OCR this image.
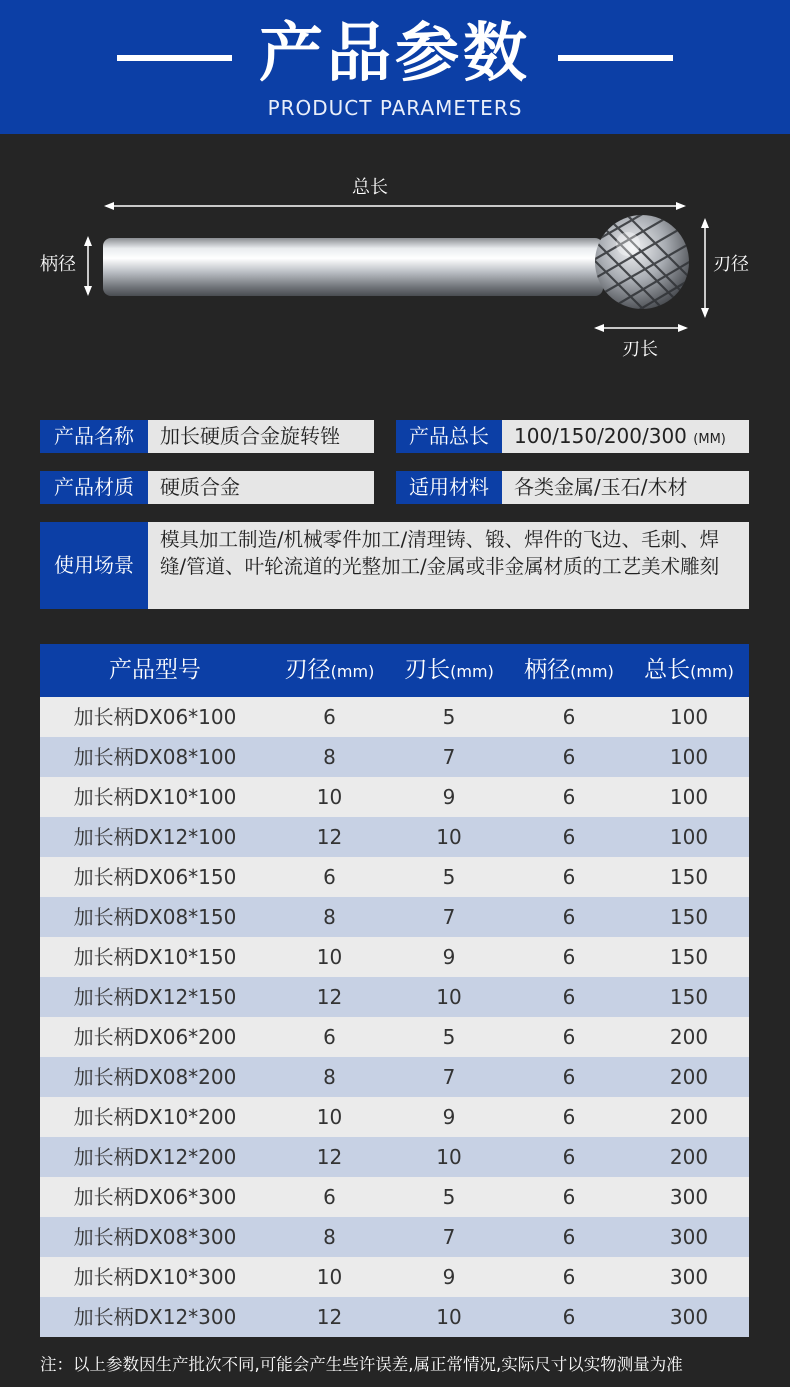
产品参数
PRODUCT PARAMETERS
总长
柄径	刃径
刃长
产品名称	加长硬质合金旋转锉	产品总长	100/150/200/300 (MM)
产品材质	硬质合金	适用材料	各类金属/玉石/木材
使用场景
模具加工制造/机械零件加工/清理铸、锻、焊件的飞边、毛刺、焊缝/管道、叶轮流道的光整加工/金属或非金属材质的工艺美术雕刻
产品型号	刃径(mm)	刃长(mm)	柄径(mm)	总长(mm)
加长柄DX06*100	6	5	6	100
加长柄DX08*100	8	7	6	100
加长柄DX10*100	10	9	6	100
加长柄DX12*100	12	10	6	100
加长柄DX06*150	6	5	6	150
加长柄DX08*150	8	7	6	150
加长柄DX10*150	10	9	6	150
加长柄DX12*150	12	10	6	150
加长柄DX06*200	6	5	6	200
加长柄DX08*200	8	7	6	200
加长柄DX10*200	10	9	6	200
加长柄DX12*200	12	10	6	200
加长柄DX06*300	6	5	6	300
加长柄DX08*300	8	7	6	300
加长柄DX10*300	10	9	6	300
加长柄DX12*300	12	10	6	300
注：以上参数因生产批次不同,可能会产生些许误差,属正常情况,实际尺寸以实物测量为准
